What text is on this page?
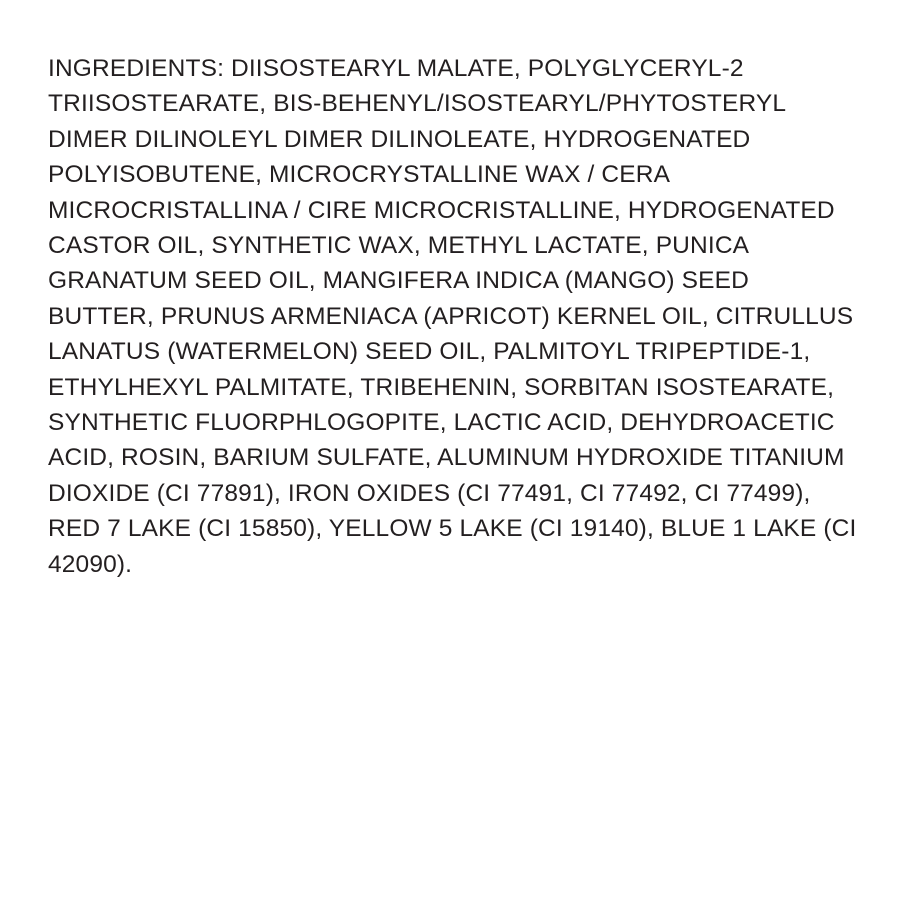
INGREDIENTS: DIISOSTEARYL MALATE, POLYGLYCERYL-2 TRIISOSTEARATE, BIS-BEHENYL/ISOSTEARYL/PHYTOSTERYL DIMER DILINOLEYL DIMER DILINOLEATE, HYDROGENATED POLYISOBUTENE, MICROCRYSTALLINE WAX / CERA MICROCRISTALLINA / CIRE MICROCRISTALLINE, HYDROGENATED CASTOR OIL, SYNTHETIC WAX, METHYL LACTATE, PUNICA GRANATUM SEED OIL, MANGIFERA INDICA (MANGO) SEED BUTTER, PRUNUS ARMENIACA (APRICOT) KERNEL OIL, CITRULLUS LANATUS (WATERMELON) SEED OIL, PALMITOYL TRIPEPTIDE-1, ETHYLHEXYL PALMITATE, TRIBEHENIN, SORBITAN ISOSTEARATE, SYNTHETIC FLUORPHLOGOPITE, LACTIC ACID, DEHYDROACETIC ACID, ROSIN, BARIUM SULFATE, ALUMINUM HYDROXIDE TITANIUM DIOXIDE (CI 77891), IRON OXIDES (CI 77491, CI 77492, CI 77499), RED 7 LAKE (CI 15850), YELLOW 5 LAKE (CI 19140), BLUE 1 LAKE (CI 42090).
